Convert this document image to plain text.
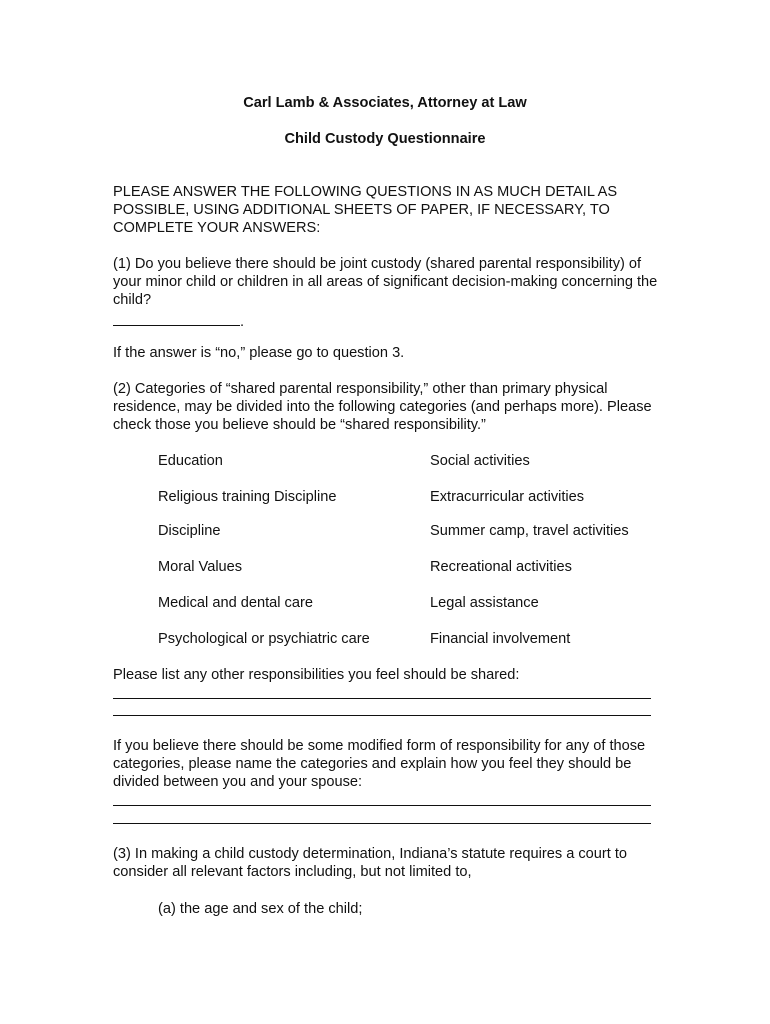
Carl Lamb & Associates, Attorney at Law
Child Custody Questionnaire

PLEASE ANSWER THE FOLLOWING QUESTIONS IN AS MUCH DETAIL AS POSSIBLE, USING ADDITIONAL SHEETS OF PAPER, IF NECESSARY, TO COMPLETE YOUR ANSWERS:

(1) Do you believe there should be joint custody (shared parental responsibility) of your minor child or children in all areas of significant decision-making concerning the child?

.

If the answer is “no,” please go to question 3.

(2) Categories of “shared parental responsibility,” other than primary physical residence, may be divided into the following categories (and perhaps more). Please check those you believe should be “shared responsibility.”

Education
Religious training Discipline
Discipline
Moral Values
Medical and dental care
Psychological or psychiatric care
Social activities
Extracurricular activities
Summer camp, travel activities
Recreational activities
Legal assistance
Financial involvement

Please list any other responsibilities you feel should be shared:

If you believe there should be some modified form of responsibility for any of those categories, please name the categories and explain how you feel they should be divided between you and your spouse:

(3) In making a child custody determination, Indiana’s statute requires a court to consider all relevant factors including, but not limited to,

(a) the age and sex of the child;
